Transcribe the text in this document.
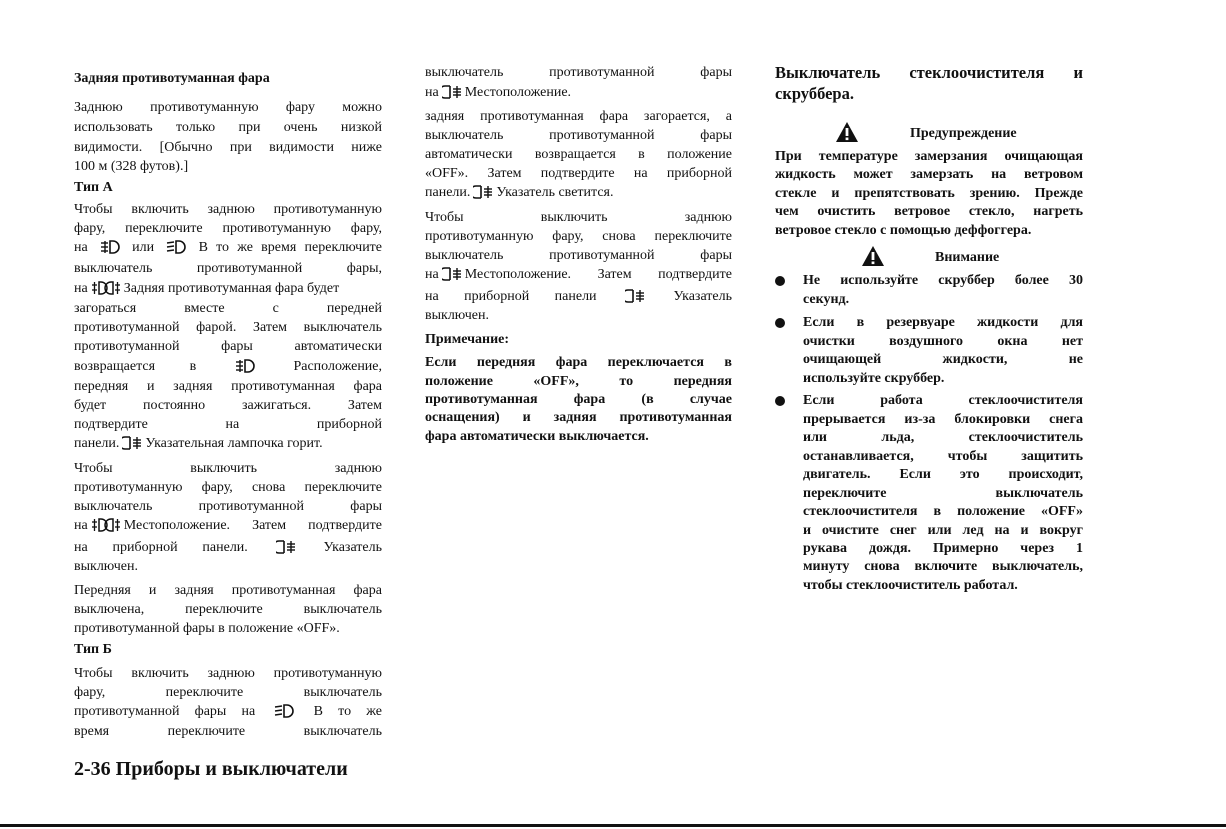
Задняя противотуманная фара
Заднюю противотуманную фару можно
использовать только при очень низкой
видимости. [Обычно при видимости ниже
100 м (328 футов).]
Тип A
Чтобы включить заднюю противотуманную
фару, переключите противотуманную фару,
на	или	В то же время переключите
выключатель противотуманной фары,
на	Задняя противотуманная фара будет
загораться вместе с передней
противотуманной фарой. Затем выключатель
противотуманной фары автоматически
возвращается в	Расположение,
передняя и задняя противотуманная фара
будет постоянно зажигаться. Затем
подтвердите на приборной
панели. Указательная лампочка горит.
Чтобы выключить заднюю
противотуманную фару, снова переключите
выключатель противотуманной фары
на	Местоположение. Затем подтвердите
на приборной панели.	Указатель
выключен.
Передняя и задняя противотуманная фара
выключена, переключите выключатель
противотуманной фары в положение «OFF».
Тип Б
Чтобы включить заднюю противотуманную
фару, переключите выключатель
противотуманной фары на	В то же
время переключите выключатель
выключатель противотуманной фары
на Местоположение.
задняя противотуманная фара загорается, а
выключатель противотуманной фары
автоматически возвращается в положение
«OFF». Затем подтвердите на приборной
панели. Указатель светится.
Чтобы выключить заднюю
противотуманную фару, снова переключите
выключатель противотуманной фары
на Местоположение. Затем подтвердите
на приборной панели	Указатель
выключен.
Примечание:
Если передняя фара переключается в
положение «OFF», то передняя
противотуманная фара (в случае
оснащения) и задняя противотуманная
фара автоматически выключается.
Выключатель стеклоочистителя и
скруббера.
Предупреждение
При температуре замерзания очищающая
жидкость может замерзать на ветровом
стекле и препятствовать зрению. Прежде
чем очистить ветровое стекло, нагреть
ветровое стекло с помощью деффоггера.
Внимание
Не используйте скруббер более 30
секунд.
Если в резервуаре жидкости для
очистки воздушного окна нет
очищающей жидкости, не
используйте скруббер.
Если работа стеклоочистителя
прерывается из-за блокировки снега
или льда, стеклоочиститель
останавливается, чтобы защитить
двигатель. Если это происходит,
переключите выключатель
стеклоочистителя в положение «OFF»
и очистите снег или лед на и вокруг
рукава дождя. Примерно через 1
минуту снова включите выключатель,
чтобы стеклоочиститель работал.
2-36 Приборы и выключатели
